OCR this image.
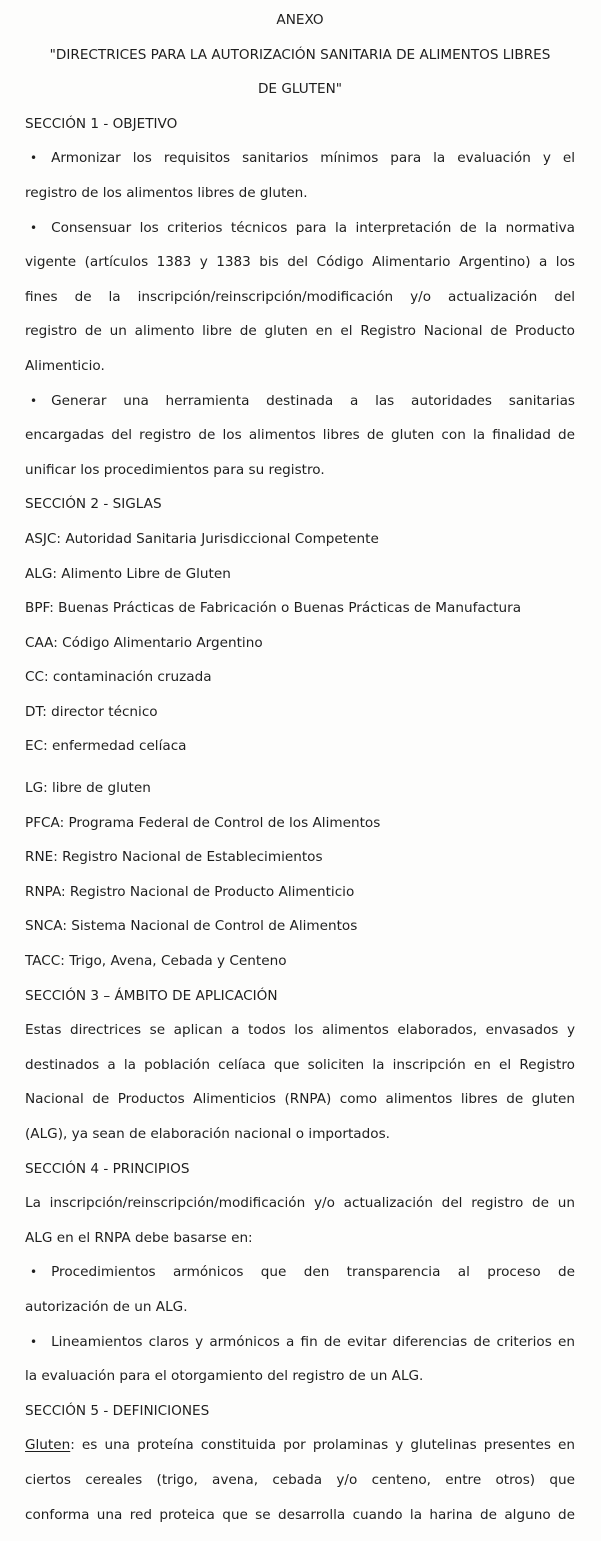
ANEXO
"DIRECTRICES PARA LA AUTORIZACIÓN SANITARIA DE ALIMENTOS LIBRES
DE GLUTEN"
SECCIÓN 1 - OBJETIVO
• Armonizar los requisitos sanitarios mínimos para la evaluación y el
registro de los alimentos libres de gluten.
• Consensuar los criterios técnicos para la interpretación de la normativa
vigente (artículos 1383 y 1383 bis del Código Alimentario Argentino) a los
fines de la inscripción/reinscripción/modificación y/o actualización del
registro de un alimento libre de gluten en el Registro Nacional de Producto
Alimenticio.
• Generar una herramienta destinada a las autoridades sanitarias
encargadas del registro de los alimentos libres de gluten con la finalidad de
unificar los procedimientos para su registro.
SECCIÓN 2 - SIGLAS
ASJC: Autoridad Sanitaria Jurisdiccional Competente
ALG: Alimento Libre de Gluten
BPF: Buenas Prácticas de Fabricación o Buenas Prácticas de Manufactura
CAA: Código Alimentario Argentino
CC: contaminación cruzada
DT: director técnico
EC: enfermedad celíaca
LG: libre de gluten
PFCA: Programa Federal de Control de los Alimentos
RNE: Registro Nacional de Establecimientos
RNPA: Registro Nacional de Producto Alimenticio
SNCA: Sistema Nacional de Control de Alimentos
TACC: Trigo, Avena, Cebada y Centeno
SECCIÓN 3 – ÁMBITO DE APLICACIÓN
Estas directrices se aplican a todos los alimentos elaborados, envasados y
destinados a la población celíaca que soliciten la inscripción en el Registro
Nacional de Productos Alimenticios (RNPA) como alimentos libres de gluten
(ALG), ya sean de elaboración nacional o importados.
SECCIÓN 4 - PRINCIPIOS
La inscripción/reinscripción/modificación y/o actualización del registro de un
ALG en el RNPA debe basarse en:
• Procedimientos armónicos que den transparencia al proceso de
autorización de un ALG.
• Lineamientos claros y armónicos a fin de evitar diferencias de criterios en
la evaluación para el otorgamiento del registro de un ALG.
SECCIÓN 5 - DEFINICIONES
Gluten: es una proteína constituida por prolaminas y glutelinas presentes en
ciertos cereales (trigo, avena, cebada y/o centeno, entre otros) que
conforma una red proteica que se desarrolla cuando la harina de alguno de
